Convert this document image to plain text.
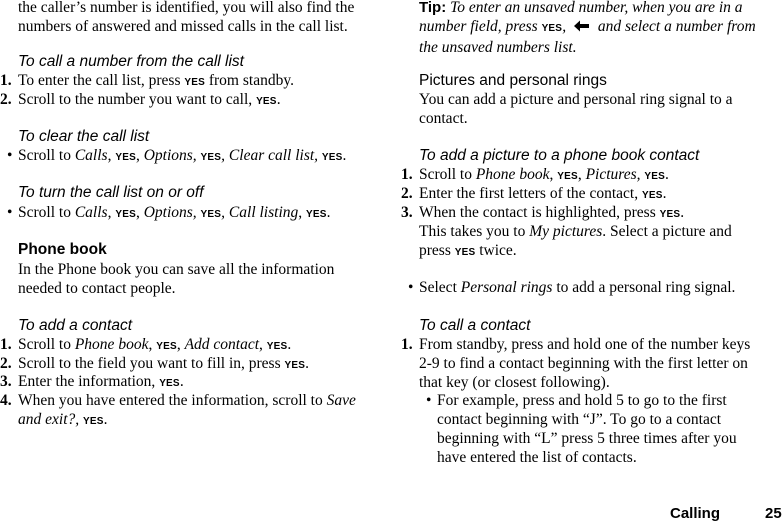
the caller’s number is identified, you will also find the
numbers of answered and missed calls in the call list.
To call a number from the call list
1. To enter the call list, press YES from standby.
2. Scroll to the number you want to call, YES.
To clear the call list
• Scroll to Calls, YES, Options, YES, Clear call list, YES.
To turn the call list on or off
• Scroll to Calls, YES, Options, YES, Call listing, YES.
Phone book
In the Phone book you can save all the information
needed to contact people.
To add a contact
1. Scroll to Phone book, YES, Add contact, YES.
2. Scroll to the field you want to fill in, press YES.
3. Enter the information, YES.
4. When you have entered the information, scroll to Save
and exit?, YES.
Tip: To enter an unsaved number, when you are in a
number field, press YES, and select a number from
the unsaved numbers list.
Pictures and personal rings
You can add a picture and personal ring signal to a
contact.
To add a picture to a phone book contact
1. Scroll to Phone book, YES, Pictures, YES.
2. Enter the first letters of the contact, YES.
3. When the contact is highlighted, press YES.
This takes you to My pictures. Select a picture and
press YES twice.
• Select Personal rings to add a personal ring signal.
To call a contact
1. From standby, press and hold one of the number keys
2-9 to find a contact beginning with the first letter on
that key (or closest following).
• For example, press and hold 5 to go to the first
contact beginning with “J”. To go to a contact
beginning with “L” press 5 three times after you
have entered the list of contacts.
Calling	25
